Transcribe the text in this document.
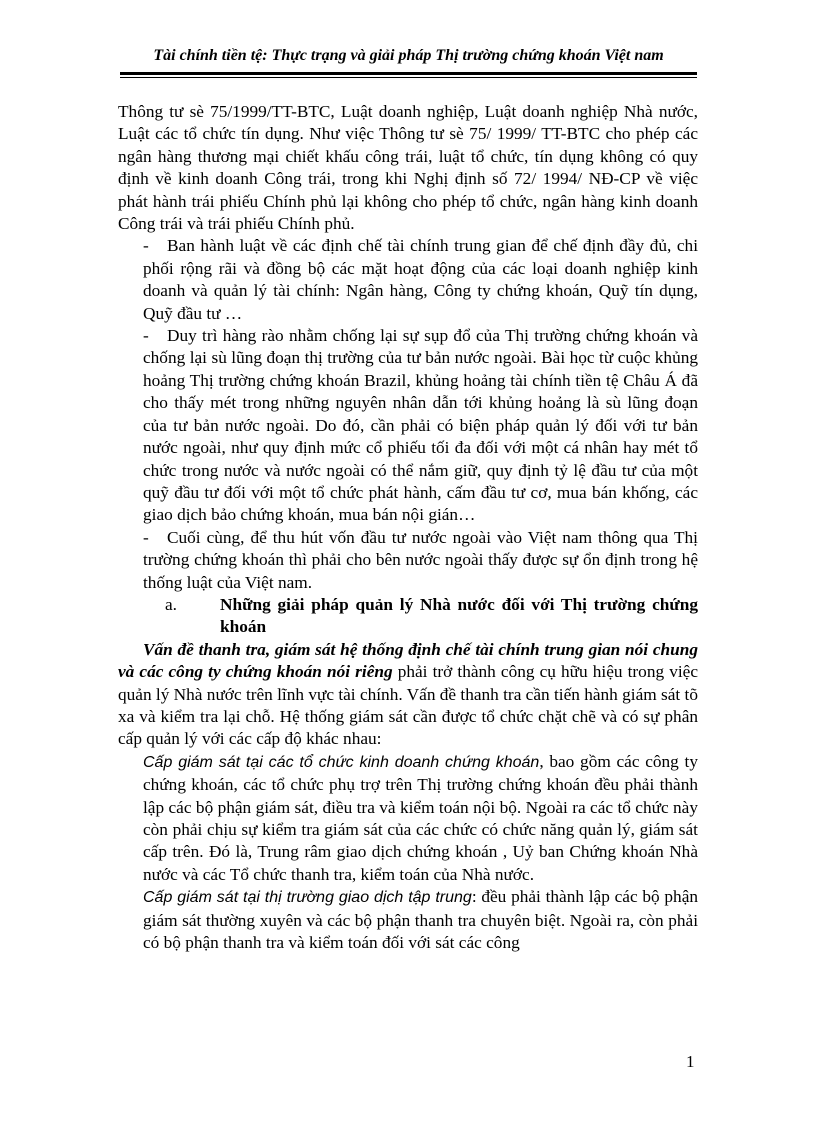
Tài chính tiền tệ: Thực trạng và giải pháp Thị trường chứng khoán Việt nam

Thông tư sè 75/1999/TT-BTC, Luật doanh nghiệp, Luật doanh nghiệp Nhà nước, Luật các tổ chức tín dụng. Như việc Thông tư sè 75/ 1999/ TT-BTC cho phép các ngân hàng thương mại chiết khấu công trái, luật tổ chức, tín dụng không có quy định về kinh doanh Công trái, trong khi Nghị định số 72/ 1994/ NĐ-CP về việc phát hành trái phiếu Chính phủ lại không cho phép tổ chức, ngân hàng kinh doanh Công trái và trái phiếu Chính phủ.

- Ban hành luật về các định chế tài chính trung gian để chế định đầy đủ, chi phối rộng rãi và đồng bộ các mặt hoạt động của các loại doanh nghiệp kinh doanh và quản lý tài chính: Ngân hàng, Công ty chứng khoán, Quỹ tín dụng, Quỹ đầu tư …

- Duy trì hàng rào nhằm chống lại sự sụp đổ của Thị trường chứng khoán và chống lại sù lũng đoạn thị trường của tư bản nước ngoài. Bài học từ cuộc khủng hoảng Thị trường chứng khoán Brazil, khủng hoảng tài chính tiền tệ Châu Á đã cho thấy mét trong những nguyên nhân dẫn tới khủng hoảng là sù lũng đoạn của tư bản nước ngoài. Do đó, cần phải có biện pháp quản lý đối với tư bản nước ngoài, như quy định mức cổ phiếu tối đa đối với một cá nhân hay mét tổ chức trong nước và nước ngoài có thể nắm giữ, quy định tỷ lệ đầu tư của một quỹ đầu tư đối với một tổ chức phát hành, cấm đầu tư cơ, mua bán khống, các giao dịch bảo chứng khoán, mua bán nội gián…

- Cuối cùng, để thu hút vốn đầu tư nước ngoài vào Việt nam thông qua Thị trường chứng khoán thì phải cho bên nước ngoài thấy được sự ổn định trong hệ thống luật của Việt nam.

a.	Những giải pháp quản lý Nhà nước đối với Thị trường chứng khoán

Vấn đề thanh tra, giám sát hệ thống định chế tài chính trung gian nói chung và các công ty chứng khoán nói riêng phải trở thành công cụ hữu hiệu trong việc quản lý Nhà nước trên lĩnh vực tài chính. Vấn đề thanh tra cần tiến hành giám sát tõ xa và kiểm tra lại chỗ. Hệ thống giám sát cần được tổ chức chặt chẽ và có sự phân cấp quản lý với các cấp độ khác nhau:

Cấp giám sát tại các tổ chức kinh doanh chứng khoán, bao gồm các công ty chứng khoán, các tổ chức phụ trợ trên Thị trường chứng khoán đều phải thành lập các bộ phận giám sát, điều tra và kiểm toán nội bộ. Ngoài ra các tổ chức này còn phải chịu sự kiểm tra giám sát của các chức có chức năng quản lý, giám sát cấp trên. Đó là, Trung râm giao dịch chứng khoán , Uỷ ban Chứng khoán Nhà nước và các Tổ chức thanh tra, kiểm toán của Nhà nước.

Cấp giám sát tại thị trường giao dịch tập trung: đều phải thành lập các bộ phận giám sát thường xuyên và các bộ phận thanh tra chuyên biệt. Ngoài ra, còn phải có bộ phận thanh tra và kiểm toán đối với sát các công

1
